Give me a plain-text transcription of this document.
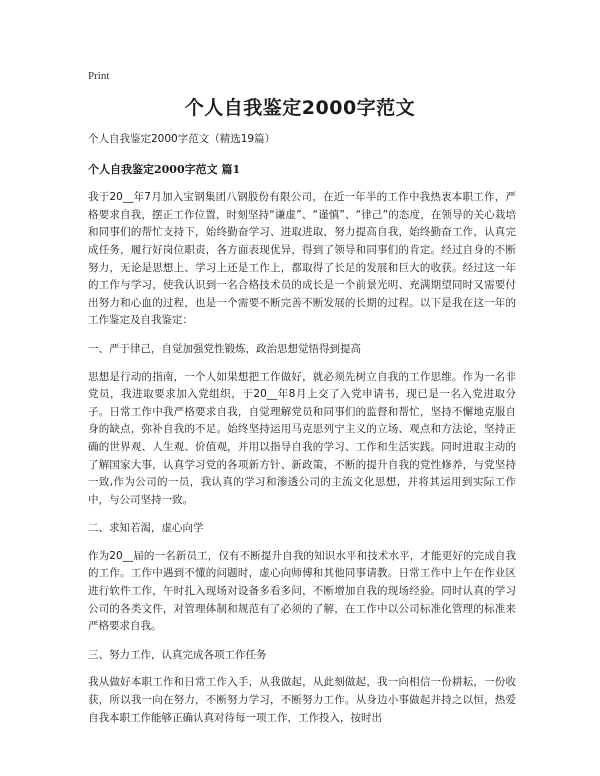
Print
个人自我鉴定2000字范文

个人自我鉴定2000字范文（精选19篇）

个人自我鉴定2000字范文 篇1

我于20__年7月加入宝钢集团八钢股份有限公司，在近一年半的工作中我热衷本职工作，严格要求自我，摆正工作位置，时刻坚持“谦虚”、“谨慎”、“律己”的态度，在领导的关心栽培和同事们的帮忙支持下，始终勤奋学习、进取进取，努力提高自我，始终勤奋工作，认真完成任务，履行好岗位职责，各方面表现优异，得到了领导和同事们的肯定。经过自身的不断努力，无论是思想上、学习上还是工作上，都取得了长足的发展和巨大的收获。经过这一年的工作与学习，使我认识到一名合格技术员的成长是一个前景光明、充满期望同时又需要付出努力和心血的过程，也是一个需要不断完善不断发展的长期的过程。以下是我在这一年的工作鉴定及自我鉴定：

一、严于律己，自觉加强党性锻炼，政治思想觉悟得到提高

思想是行动的指南，一个人如果想把工作做好，就必须先树立自我的工作思维。作为一名非党员，我进取要求加入党组织，于20__年8月上交了入党申请书，现已是一名入党进取分子。日常工作中我严格要求自我，自觉理解党员和同事们的监督和帮忙，坚持不懈地克服自身的缺点，弥补自我的不足。始终坚持运用马克思列宁主义的立场、观点和方法论，坚持正确的世界观、人生观、价值观，并用以指导自我的学习、工作和生活实践。同时进取主动的了解国家大事，认真学习党的各项新方针、新政策，不断的提升自我的党性修养，与党坚持一致,作为公司的一员，我认真的学习和渗透公司的主流文化思想，并将其运用到实际工作中，与公司坚持一致。

二、求知若渴，虚心向学

作为20__届的一名新员工，仅有不断提升自我的知识水平和技术水平，才能更好的完成自我的工作。工作中遇到不懂的问题时，虚心向师傅和其他同事请教。日常工作中上午在作业区进行软件工作，午时扎入现场对设备多看多问，不断增加自我的现场经验。同时认真的学习公司的各类文件，对管理体制和规范有了必须的了解，在工作中以公司标准化管理的标准来严格要求自我。

三、努力工作，认真完成各项工作任务

我从做好本职工作和日常工作入手，从我做起，从此刻做起，我一向相信一份耕耘，一份收获，所以我一向在努力，不断努力学习，不断努力工作。从身边小事做起并持之以恒，热爱自我本职工作能够正确认真对待每一项工作，工作投入，按时出
